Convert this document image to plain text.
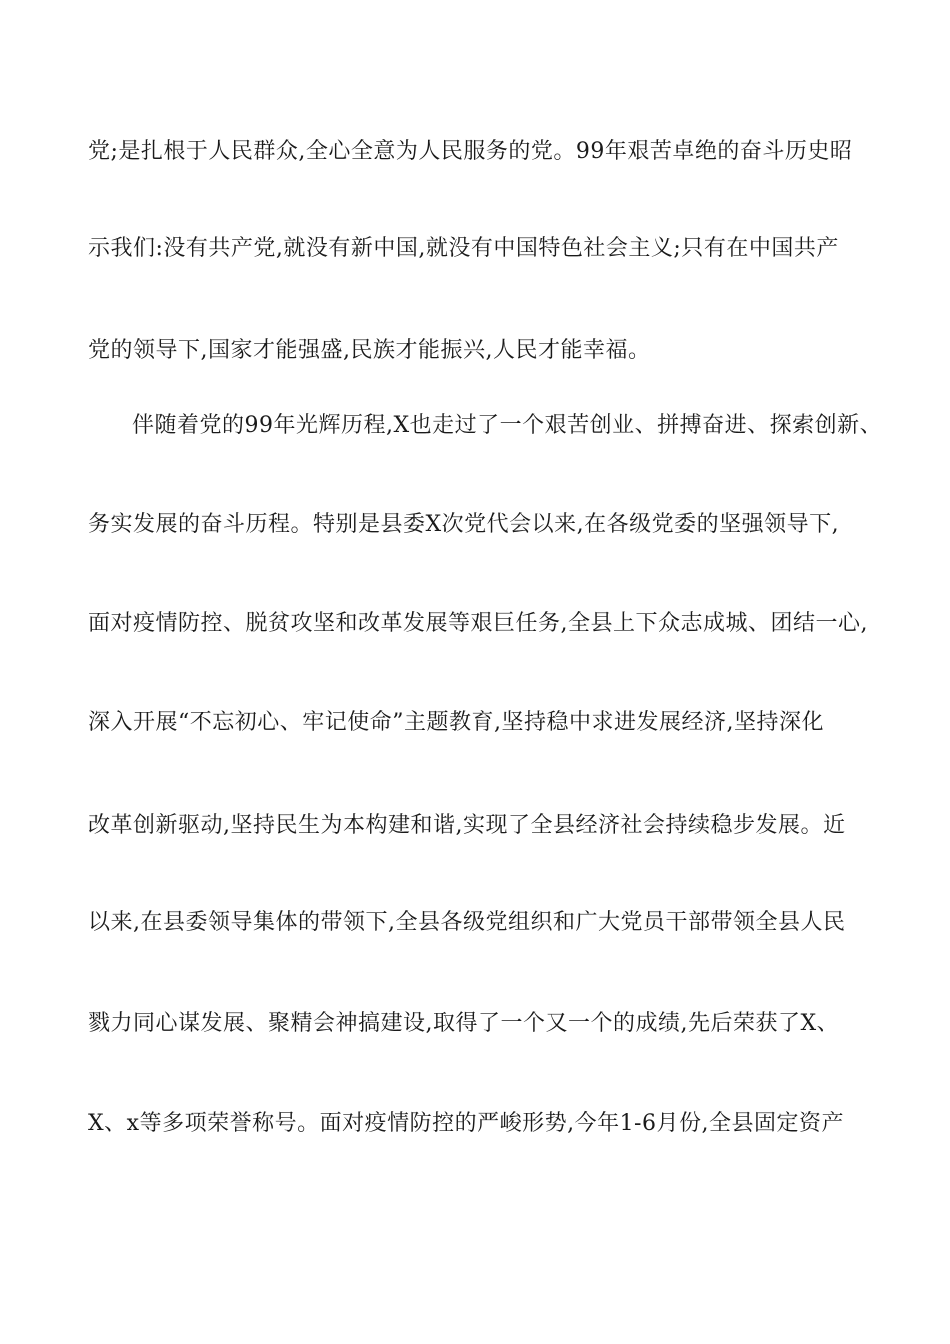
党;是扎根于人民群众,全心全意为人民服务的党。99年艰苦卓绝的奋斗历史昭
示我们:没有共产党,就没有新中国,就没有中国特色社会主义;只有在中国共产
党的领导下,国家才能强盛,民族才能振兴,人民才能幸福。
伴随着党的99年光辉历程,X也走过了一个艰苦创业、拼搏奋进、探索创新、
务实发展的奋斗历程。特别是县委X次党代会以来,在各级党委的坚强领导下,
面对疫情防控、脱贫攻坚和改革发展等艰巨任务,全县上下众志成城、团结一心,
深入开展“不忘初心、牢记使命”主题教育,坚持稳中求进发展经济,坚持深化
改革创新驱动,坚持民生为本构建和谐,实现了全县经济社会持续稳步发展。近
以来,在县委领导集体的带领下,全县各级党组织和广大党员干部带领全县人民
戮力同心谋发展、聚精会神搞建设,取得了一个又一个的成绩,先后荣获了X、
X、x等多项荣誉称号。面对疫情防控的严峻形势,今年1-6月份,全县固定资产
